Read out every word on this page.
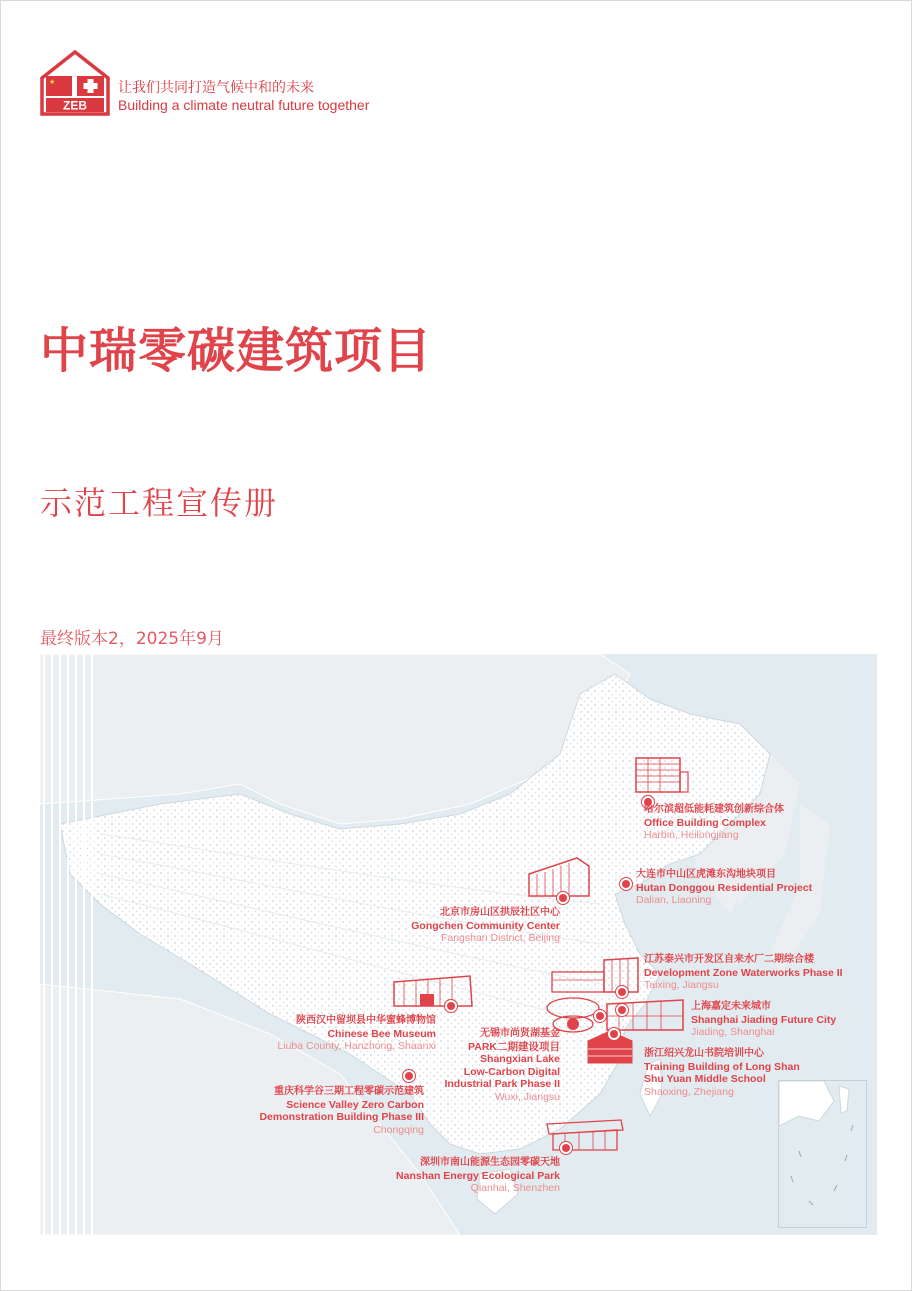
★
ZEB
让我们共同打造气候中和的未来
Building a climate neutral future together
中瑞零碳建筑项目
示范工程宣传册
最终版本2，2025年9月
哈尔滨超低能耗建筑创新综合体
Office Building Complex
Harbin, Heilongjiang
大连市中山区虎滩东沟地块项目
Hutan Donggou Residential Project
Dalian, Liaoning
北京市房山区拱辰社区中心
Gongchen Community Center
Fangshan District, Beijing
江苏泰兴市开发区自来水厂二期综合楼
Development Zone Waterworks Phase II
Taixing, Jiangsu
上海嘉定未来城市
Shanghai Jiading Future City
Jiading, Shanghai
陕西汉中留坝县中华蜜蜂博物馆
Chinese Bee Museum
Liuba County, Hanzhong, Shaanxi
无锡市尚贤湖基金
PARK二期建设项目
Shangxian Lake
Low-Carbon Digital
Industrial Park Phase II
Wuxi, Jiangsu
浙江绍兴龙山书院培训中心
Training Building of Long Shan
Shu Yuan Middle School
Shaoxing, Zhejiang
重庆科学谷三期工程零碳示范建筑
Science Valley Zero Carbon
Demonstration Building Phase III
Chongqing
深圳市南山能源生态园零碳天地
Nanshan Energy Ecological Park
Qianhai, Shenzhen
